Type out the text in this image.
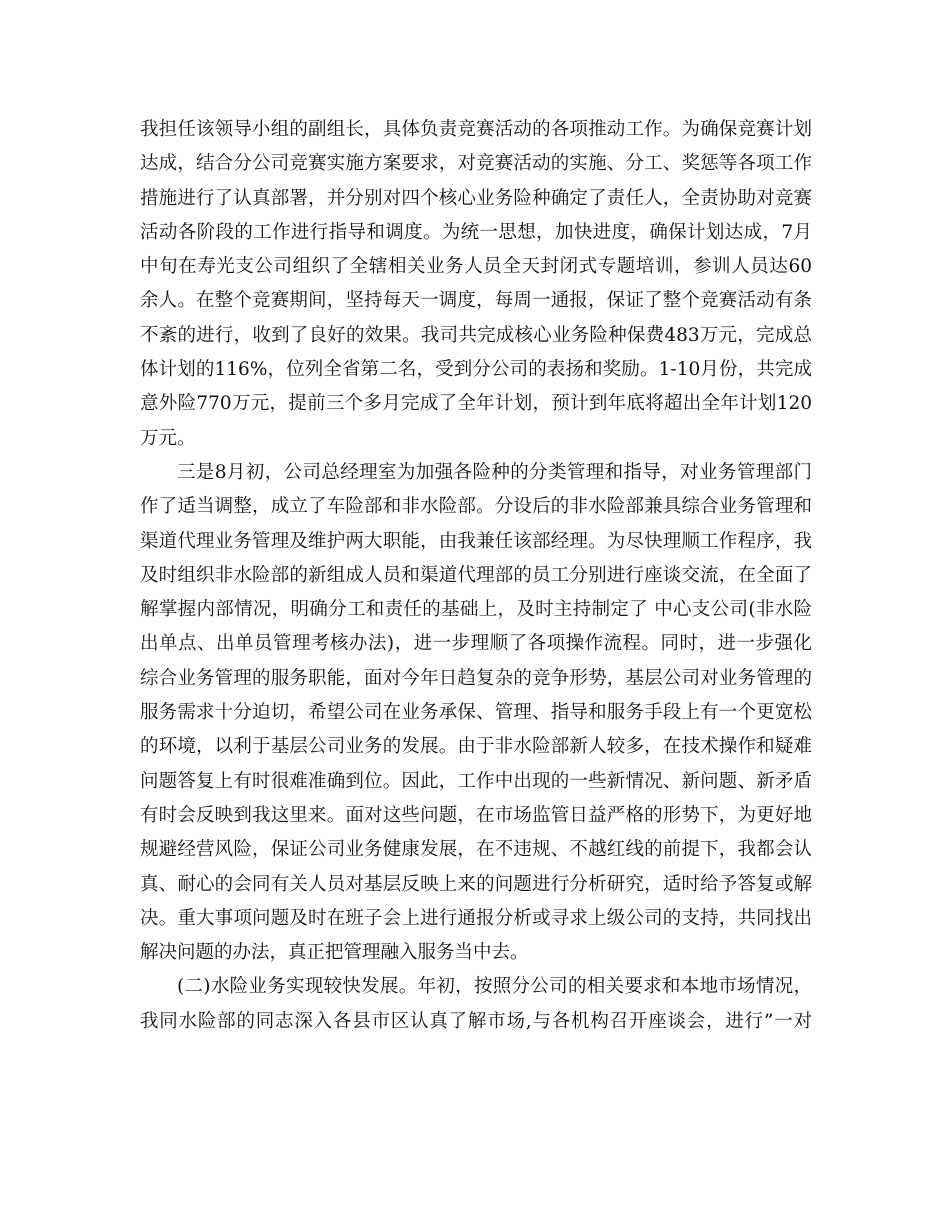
我担任该领导小组的副组长，具体负责竞赛活动的各项推动工作。为确保竞赛计划
达成，结合分公司竞赛实施方案要求，对竞赛活动的实施、分工、奖惩等各项工作
措施进行了认真部署，并分别对四个核心业务险种确定了责任人，全责协助对竞赛
活动各阶段的工作进行指导和调度。为统一思想，加快进度，确保计划达成，7月
中旬在寿光支公司组织了全辖相关业务人员全天封闭式专题培训，参训人员达60
余人。在整个竞赛期间，坚持每天一调度，每周一通报，保证了整个竞赛活动有条
不紊的进行，收到了良好的效果。我司共完成核心业务险种保费483万元，完成总
体计划的116%，位列全省第二名，受到分公司的表扬和奖励。1-10月份，共完成
意外险770万元，提前三个多月完成了全年计划，预计到年底将超出全年计划120
万元。
三是8月初，公司总经理室为加强各险种的分类管理和指导，对业务管理部门
作了适当调整，成立了车险部和非水险部。分设后的非水险部兼具综合业务管理和
渠道代理业务管理及维护两大职能，由我兼任该部经理。为尽快理顺工作程序，我
及时组织非水险部的新组成人员和渠道代理部的员工分别进行座谈交流，在全面了
解掌握内部情况，明确分工和责任的基础上，及时主持制定了 中心支公司(非水险
出单点、出单员管理考核办法)，进一步理顺了各项操作流程。同时，进一步强化
综合业务管理的服务职能，面对今年日趋复杂的竞争形势，基层公司对业务管理的
服务需求十分迫切，希望公司在业务承保、管理、指导和服务手段上有一个更宽松
的环境，以利于基层公司业务的发展。由于非水险部新人较多，在技术操作和疑难
问题答复上有时很难准确到位。因此，工作中出现的一些新情况、新问题、新矛盾
有时会反映到我这里来。面对这些问题，在市场监管日益严格的形势下，为更好地
规避经营风险，保证公司业务健康发展，在不违规、不越红线的前提下，我都会认
真、耐心的会同有关人员对基层反映上来的问题进行分析研究，适时给予答复或解
决。重大事项问题及时在班子会上进行通报分析或寻求上级公司的支持，共同找出
解决问题的办法，真正把管理融入服务当中去。
(二)水险业务实现较快发展。年初，按照分公司的相关要求和本地市场情况，
我同水险部的同志深入各县市区认真了解市场,与各机构召开座谈会，进行”一对
